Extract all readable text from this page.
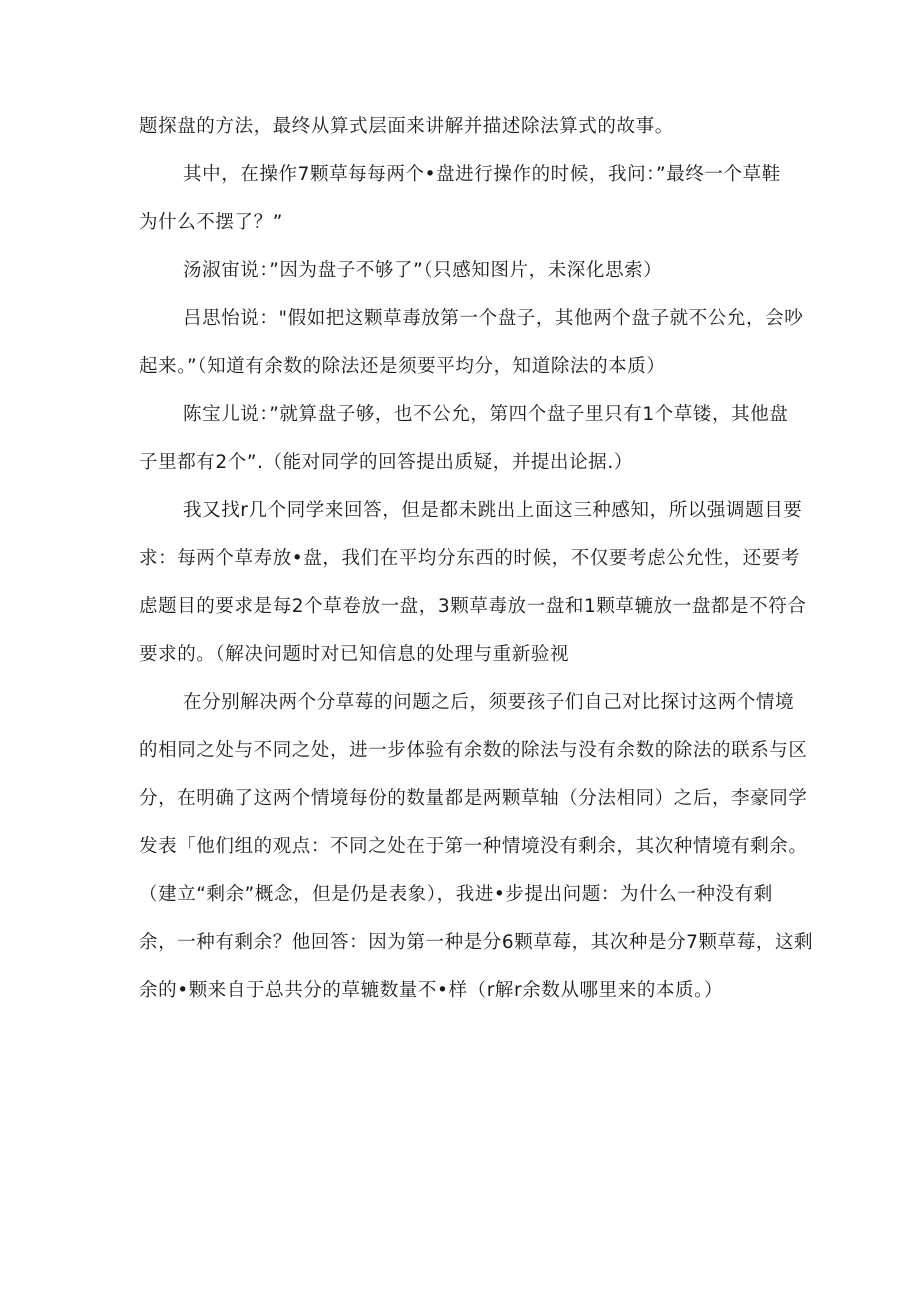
题探盘的方法，最终从算式层面来讲解并描述除法算式的故事。
其中，在操作7颗草每每两个•盘进行操作的时候，我问：”最终一个草鞋
为什么不摆了？”
汤淑宙说：”因为盘子不够了”（只感知图片，未深化思索）
吕思怡说："假如把这颗草毒放第一个盘子，其他两个盘子就不公允，会吵
起来。”（知道有余数的除法还是须要平均分，知道除法的本质）
陈宝儿说：”就算盘子够，也不公允，第四个盘子里只有1个草镂，其他盘
子里都有2个”.（能对同学的回答提出质疑，并提出论据.）
我又找r几个同学来回答，但是都未跳出上面这三种感知，所以强调题目要
求：每两个草寿放•盘，我们在平均分东西的时候，不仅要考虑公允性，还要考
虑题目的要求是每2个草卷放一盘，3颗草毒放一盘和1颗草辘放一盘都是不符合
要求的。（解决问题时对已知信息的处理与重新验视
在分别解决两个分草莓的问题之后，须要孩子们自己对比探讨这两个情境
的相同之处与不同之处，进一步体验有余数的除法与没有余数的除法的联系与区
分，在明确了这两个情境每份的数量都是两颗草轴（分法相同）之后，李豪同学
发表「他们组的观点：不同之处在于第一种情境没有剩余，其次种情境有剩余。
（建立“剩余”概念，但是仍是表象），我进•步提出问题：为什么一种没有剩
余，一种有剩余？他回答：因为第一种是分6颗草莓，其次种是分7颗草莓，这剩
余的•颗来自于总共分的草辘数量不•样（r解r余数从哪里来的本质。）
